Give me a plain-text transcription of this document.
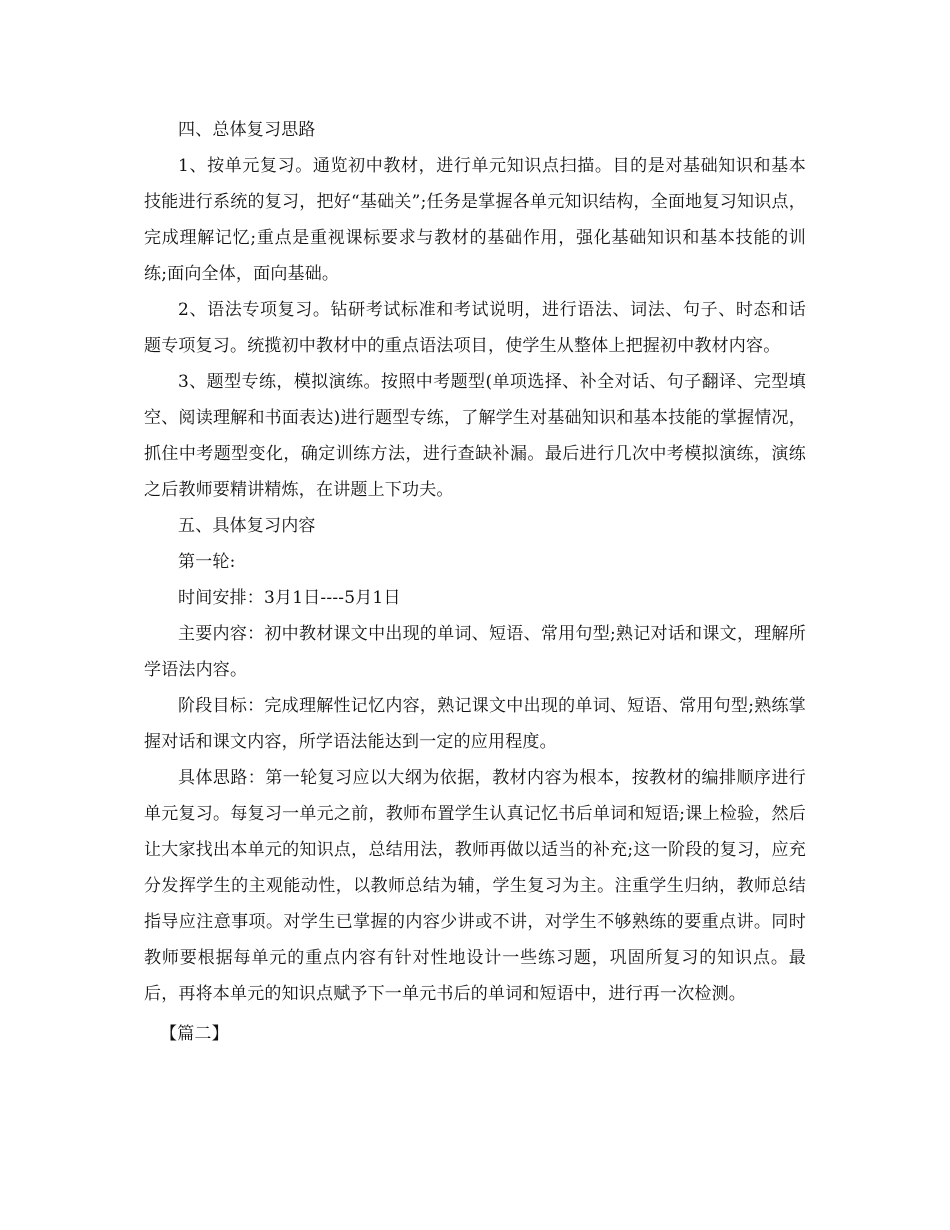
四、总体复习思路

1、按单元复习。通览初中教材，进行单元知识点扫描。目的是对基础知识和基本技能进行系统的复习，把好“基础关”;任务是掌握各单元知识结构，全面地复习知识点，完成理解记忆;重点是重视课标要求与教材的基础作用，强化基础知识和基本技能的训练;面向全体，面向基础。

2、语法专项复习。钻研考试标准和考试说明，进行语法、词法、句子、时态和话题专项复习。统揽初中教材中的重点语法项目，使学生从整体上把握初中教材内容。

3、题型专练，模拟演练。按照中考题型(单项选择、补全对话、句子翻译、完型填空、阅读理解和书面表达)进行题型专练，了解学生对基础知识和基本技能的掌握情况，抓住中考题型变化，确定训练方法，进行查缺补漏。最后进行几次中考模拟演练，演练之后教师要精讲精炼，在讲题上下功夫。

五、具体复习内容

第一轮:

时间安排：3月1日----5月1日

主要内容：初中教材课文中出现的单词、短语、常用句型;熟记对话和课文，理解所学语法内容。

阶段目标：完成理解性记忆内容，熟记课文中出现的单词、短语、常用句型;熟练掌握对话和课文内容，所学语法能达到一定的应用程度。

具体思路：第一轮复习应以大纲为依据，教材内容为根本，按教材的编排顺序进行单元复习。每复习一单元之前，教师布置学生认真记忆书后单词和短语;课上检验，然后让大家找出本单元的知识点，总结用法，教师再做以适当的补充;这一阶段的复习，应充分发挥学生的主观能动性，以教师总结为辅，学生复习为主。注重学生归纳，教师总结指导应注意事项。对学生已掌握的内容少讲或不讲，对学生不够熟练的要重点讲。同时教师要根据每单元的重点内容有针对性地设计一些练习题，巩固所复习的知识点。最后，再将本单元的知识点赋予下一单元书后的单词和短语中，进行再一次检测。

【篇二】
